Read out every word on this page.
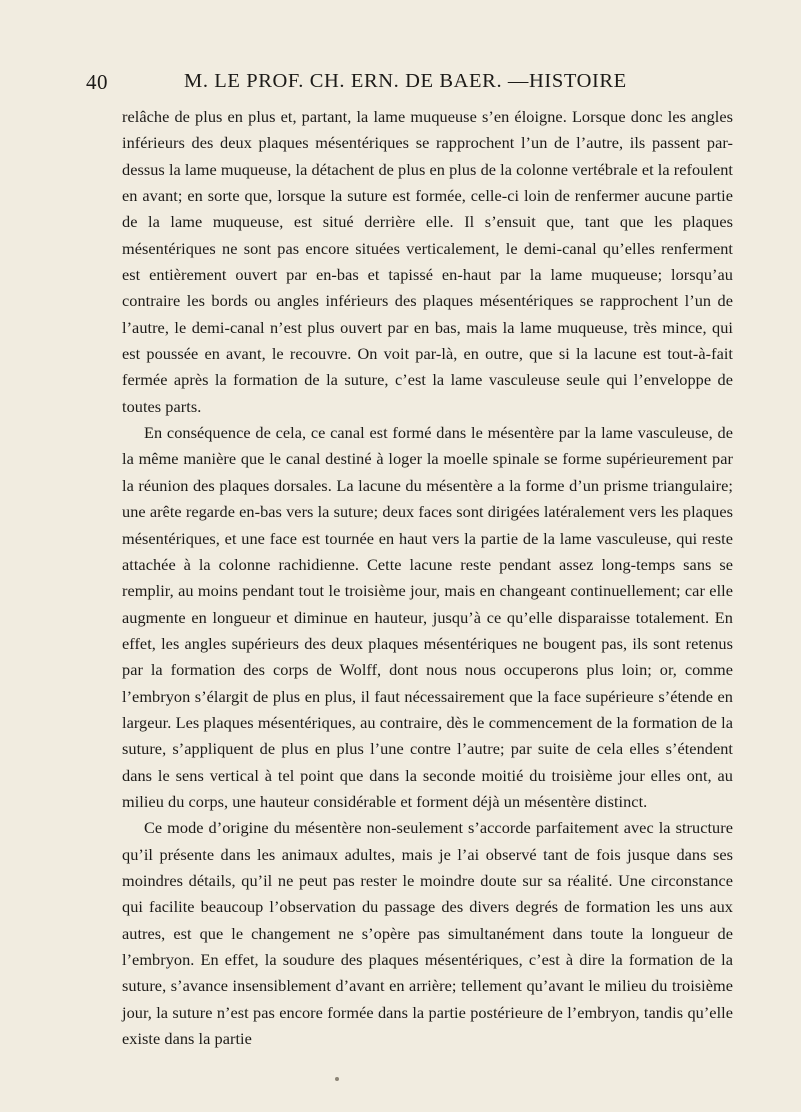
40	M. LE PROF. CH. ERN. DE BAER. —HISTOIRE

relâche de plus en plus et, partant, la lame muqueuse s’en éloigne. Lorsque donc les angles inférieurs des deux plaques mésentériques se rapprochent l’un de l’autre, ils passent par-dessus la lame muqueuse, la détachent de plus en plus de la colonne vertébrale et la refoulent en avant; en sorte que, lorsque la suture est formée, celle-ci loin de renfermer aucune partie de la lame muqueuse, est situé derrière elle. Il s’ensuit que, tant que les plaques mésentériques ne sont pas encore situées verticalement, le demi-canal qu’elles renferment est entièrement ouvert par en-bas et tapissé en-haut par la lame muqueuse; lorsqu’au contraire les bords ou angles inférieurs des plaques mésentériques se rapprochent l’un de l’autre, le demi-canal n’est plus ouvert par en bas, mais la lame muqueuse, très mince, qui est poussée en avant, le recouvre. On voit par-là, en outre, que si la lacune est tout-à-fait fermée après la formation de la suture, c’est la lame vasculeuse seule qui l’enveloppe de toutes parts.

En conséquence de cela, ce canal est formé dans le mésentère par la lame vasculeuse, de la même manière que le canal destiné à loger la moelle spinale se forme supérieurement par la réunion des plaques dorsales. La lacune du mésentère a la forme d’un prisme triangulaire; une arête regarde en-bas vers la suture; deux faces sont dirigées latéralement vers les plaques mésentériques, et une face est tournée en haut vers la partie de la lame vasculeuse, qui reste attachée à la colonne rachidienne. Cette lacune reste pendant assez long-temps sans se remplir, au moins pendant tout le troisième jour, mais en changeant continuellement; car elle augmente en longueur et diminue en hauteur, jusqu’à ce qu’elle disparaisse totalement. En effet, les angles supérieurs des deux plaques mésentériques ne bougent pas, ils sont retenus par la formation des corps de Wolff, dont nous nous occuperons plus loin; or, comme l’embryon s’élargit de plus en plus, il faut nécessairement que la face supérieure s’étende en largeur. Les plaques mésentériques, au contraire, dès le commencement de la formation de la suture, s’appliquent de plus en plus l’une contre l’autre; par suite de cela elles s’étendent dans le sens vertical à tel point que dans la seconde moitié du troisième jour elles ont, au milieu du corps, une hauteur considérable et forment déjà un mésentère distinct.

Ce mode d’origine du mésentère non-seulement s’accorde parfaitement avec la structure qu’il présente dans les animaux adultes, mais je l’ai observé tant de fois jusque dans ses moindres détails, qu’il ne peut pas rester le moindre doute sur sa réalité. Une circonstance qui facilite beaucoup l’observation du passage des divers degrés de formation les uns aux autres, est que le changement ne s’opère pas simultanément dans toute la longueur de l’embryon. En effet, la soudure des plaques mésentériques, c’est à dire la formation de la suture, s’avance insensiblement d’avant en arrière; tellement qu’avant le milieu du troisième jour, la suture n’est pas encore formée dans la partie postérieure de l’embryon, tandis qu’elle existe dans la partie
